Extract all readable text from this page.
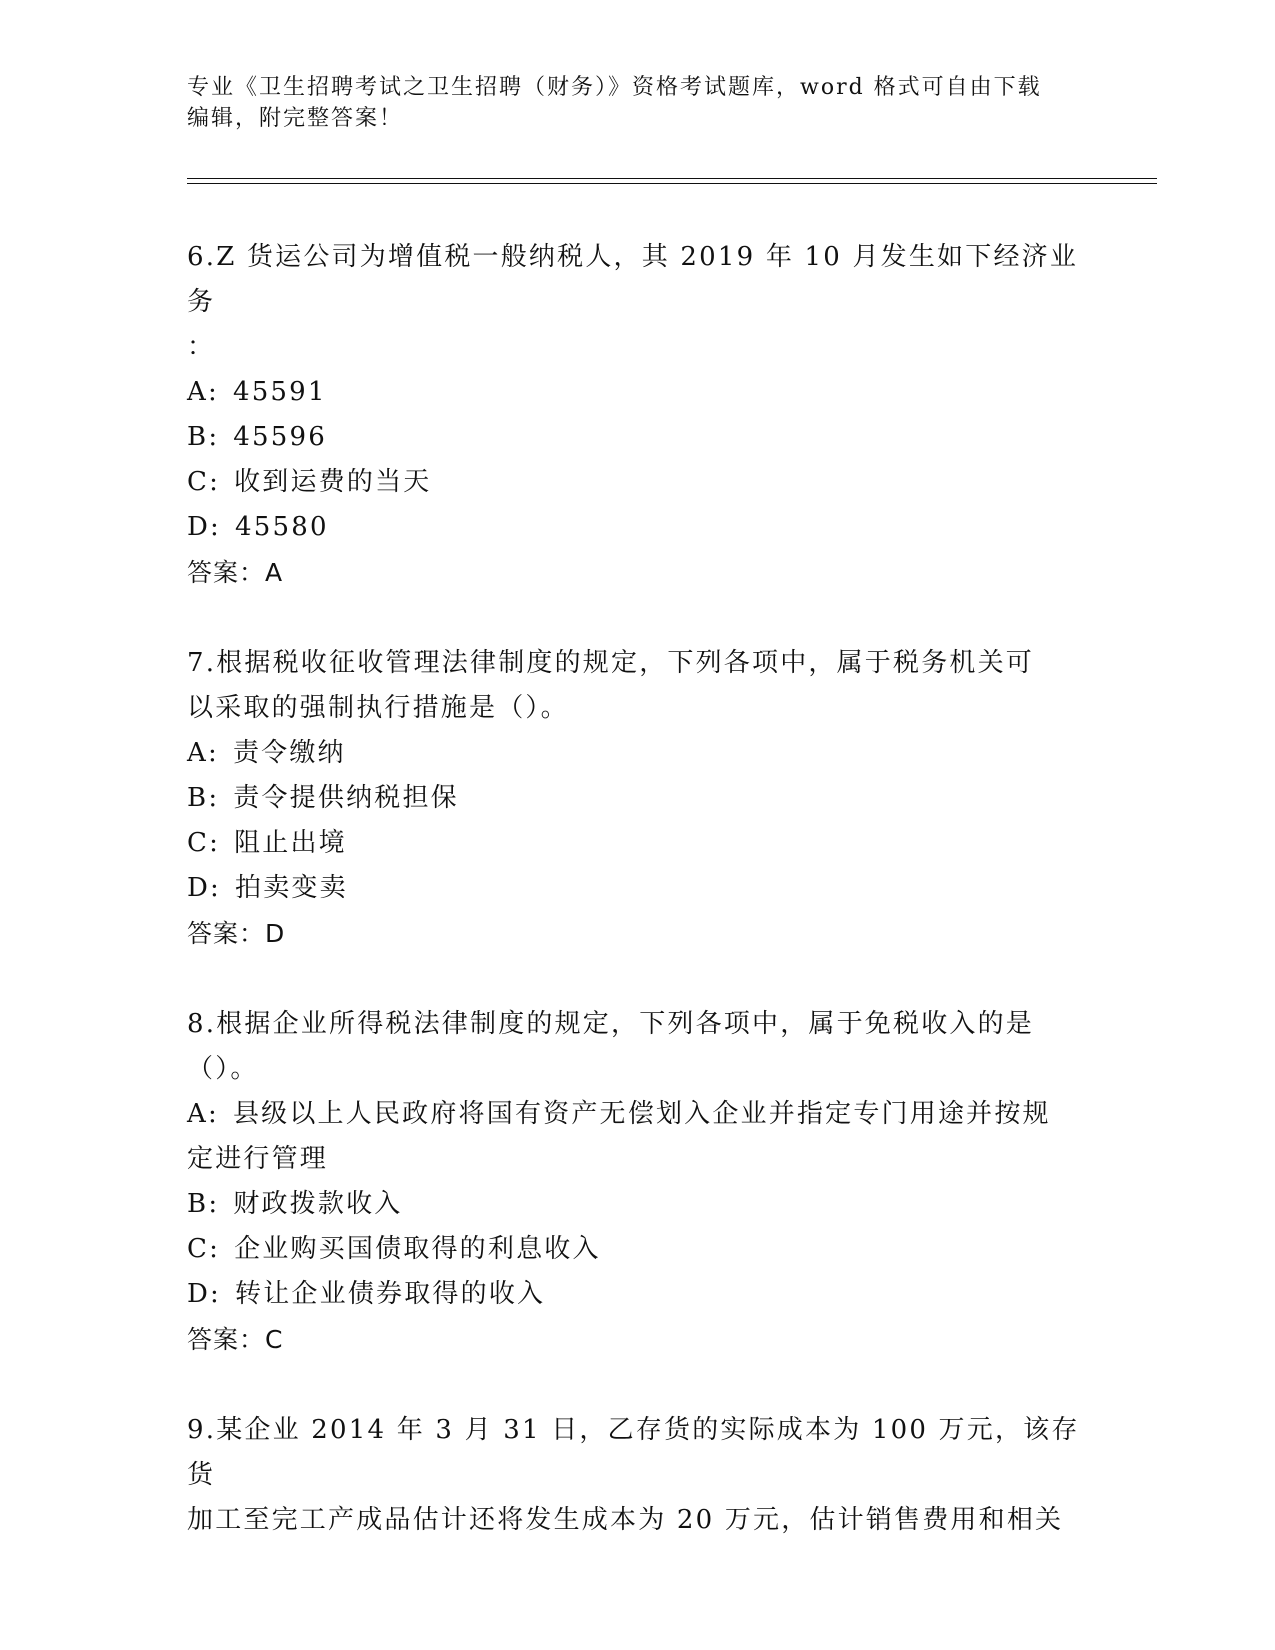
专业《卫生招聘考试之卫生招聘（财务）》资格考试题库，word 格式可自由下载
编辑，附完整答案！
6.Z 货运公司为增值税一般纳税人，其 2019 年 10 月发生如下经济业务
：
A: 45591
B: 45596
C: 收到运费的当天
D: 45580
答案：A
7.根据税收征收管理法律制度的规定，下列各项中，属于税务机关可
以采取的强制执行措施是（）。
A: 责令缴纳
B: 责令提供纳税担保
C: 阻止出境
D: 拍卖变卖
答案：D
8.根据企业所得税法律制度的规定，下列各项中，属于免税收入的是
（）。
A: 县级以上人民政府将国有资产无偿划入企业并指定专门用途并按规
定进行管理
B: 财政拨款收入
C: 企业购买国债取得的利息收入
D: 转让企业债券取得的收入
答案：C
9.某企业 2014 年 3 月 31 日，乙存货的实际成本为 100 万元，该存货
加工至完工产成品估计还将发生成本为 20 万元，估计销售费用和相关
